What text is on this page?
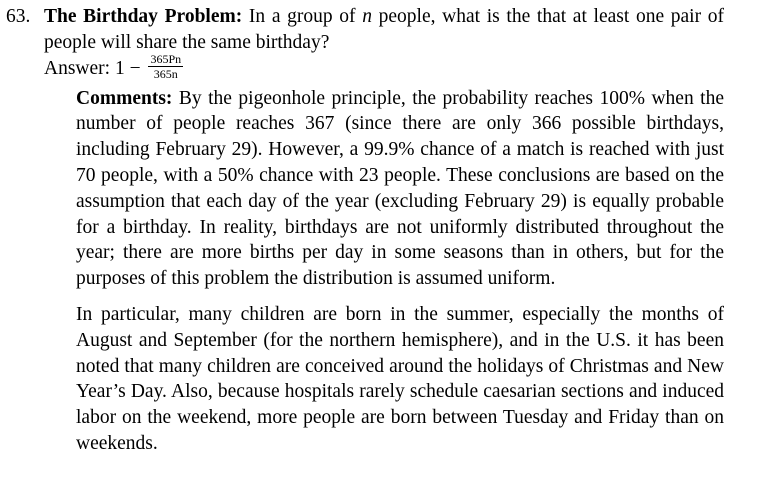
63. The Birthday Problem: In a group of n people, what is the that at least one pair of people will share the same birthday?

Answer: $1 - \frac{365Pn}{365n}$

Comments: By the pigeonhole principle, the probability reaches 100% when the number of people reaches 367 (since there are only 366 possible birthdays, including February 29). However, a 99.9% chance of a match is reached with just 70 people, with a 50% chance with 23 people. These conclusions are based on the assumption that each day of the year (excluding February 29) is equally probable for a birthday. In reality, birthdays are not uniformly distributed throughout the year; there are more births per day in some seasons than in others, but for the purposes of this problem the distribution is assumed uniform.

In particular, many children are born in the summer, especially the months of August and September (for the northern hemisphere), and in the U.S. it has been noted that many children are conceived around the holidays of Christmas and New Year’s Day. Also, because hospitals rarely schedule caesarian sections and induced labor on the weekend, more people are born between Tuesday and Friday than on weekends.
